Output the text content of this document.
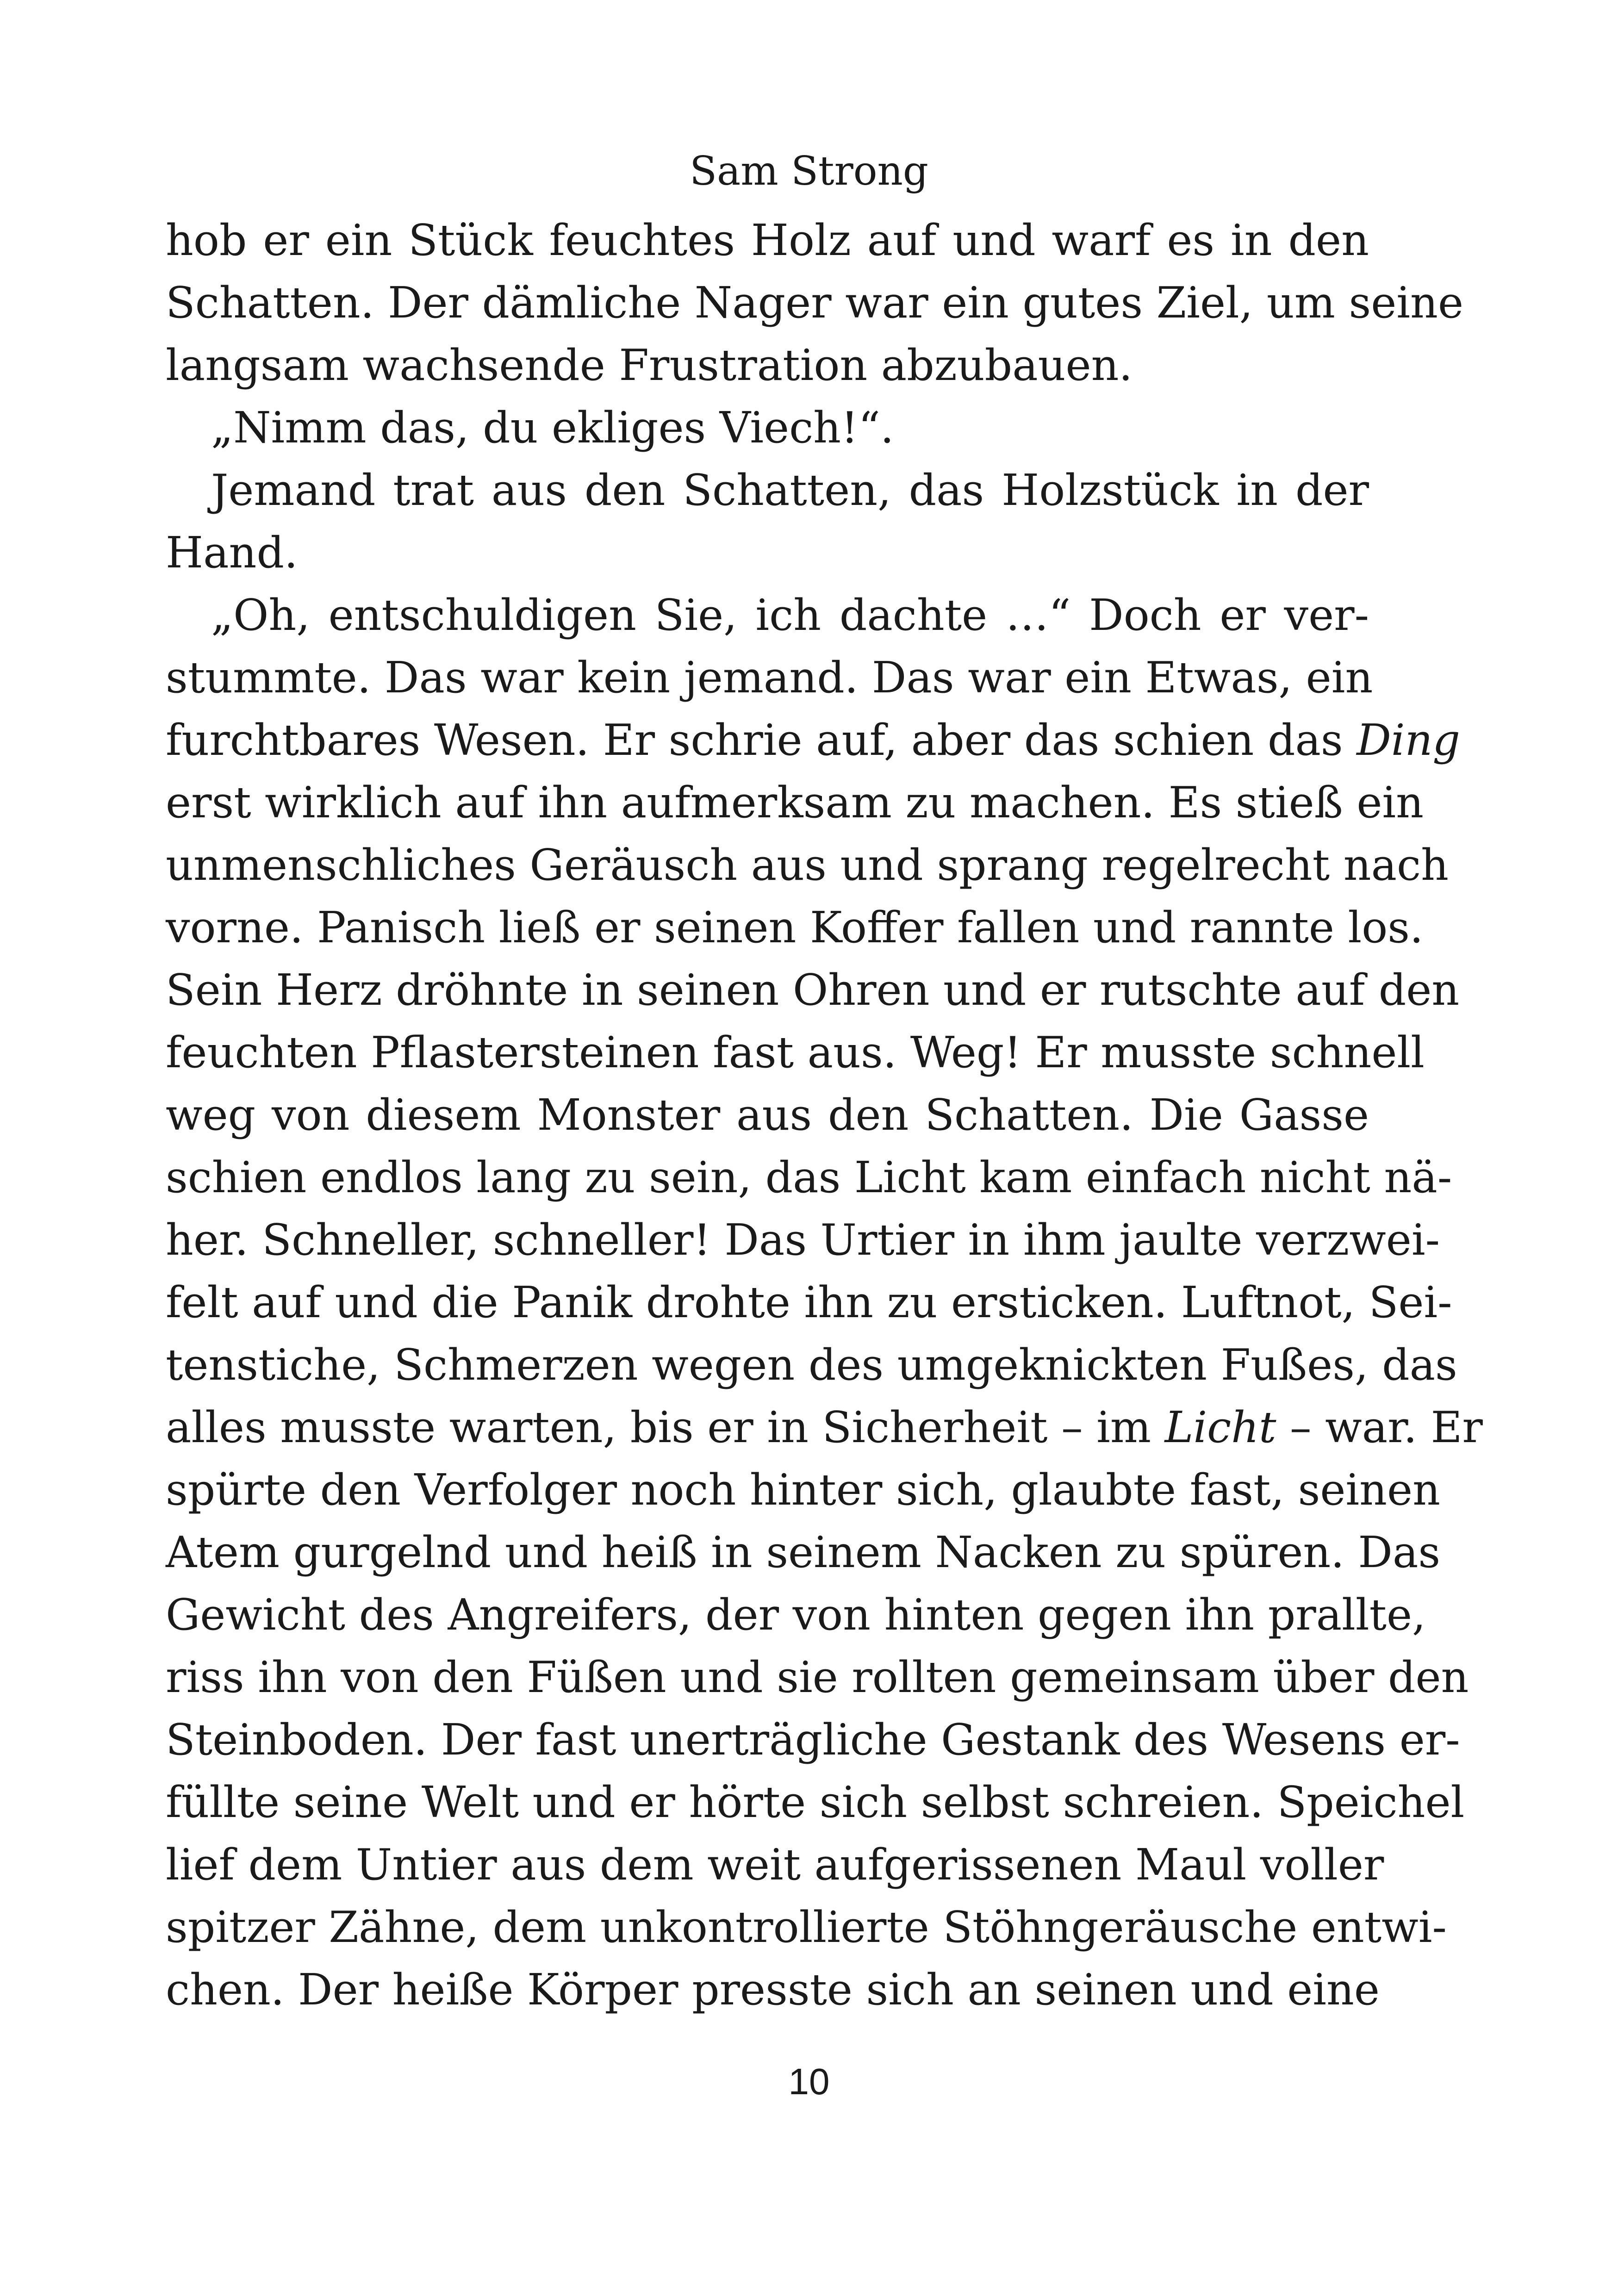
Sam Strong
hob er ein Stück feuchtes Holz auf und warf es in den
Schatten. Der dämliche Nager war ein gutes Ziel, um seine
langsam wachsende Frustration abzubauen.
„Nimm das, du ekliges Viech!“.
Jemand trat aus den Schatten, das Holzstück in der
Hand.
„Oh, entschuldigen Sie, ich dachte …“ Doch er ver-
stummte. Das war kein jemand. Das war ein Etwas, ein
furchtbares Wesen. Er schrie auf, aber das schien das Ding
erst wirklich auf ihn aufmerksam zu machen. Es stieß ein
unmenschliches Geräusch aus und sprang regelrecht nach
vorne. Panisch ließ er seinen Koffer fallen und rannte los.
Sein Herz dröhnte in seinen Ohren und er rutschte auf den
feuchten Pflastersteinen fast aus. Weg! Er musste schnell
weg von diesem Monster aus den Schatten. Die Gasse
schien endlos lang zu sein, das Licht kam einfach nicht nä-
her. Schneller, schneller! Das Urtier in ihm jaulte verzwei-
felt auf und die Panik drohte ihn zu ersticken. Luftnot, Sei-
tenstiche, Schmerzen wegen des umgeknickten Fußes, das
alles musste warten, bis er in Sicherheit – im Licht – war. Er
spürte den Verfolger noch hinter sich, glaubte fast, seinen
Atem gurgelnd und heiß in seinem Nacken zu spüren. Das
Gewicht des Angreifers, der von hinten gegen ihn prallte,
riss ihn von den Füßen und sie rollten gemeinsam über den
Steinboden. Der fast unerträgliche Gestank des Wesens er-
füllte seine Welt und er hörte sich selbst schreien. Speichel
lief dem Untier aus dem weit aufgerissenen Maul voller
spitzer Zähne, dem unkontrollierte Stöhngeräusche entwi-
chen. Der heiße Körper presste sich an seinen und eine
10
